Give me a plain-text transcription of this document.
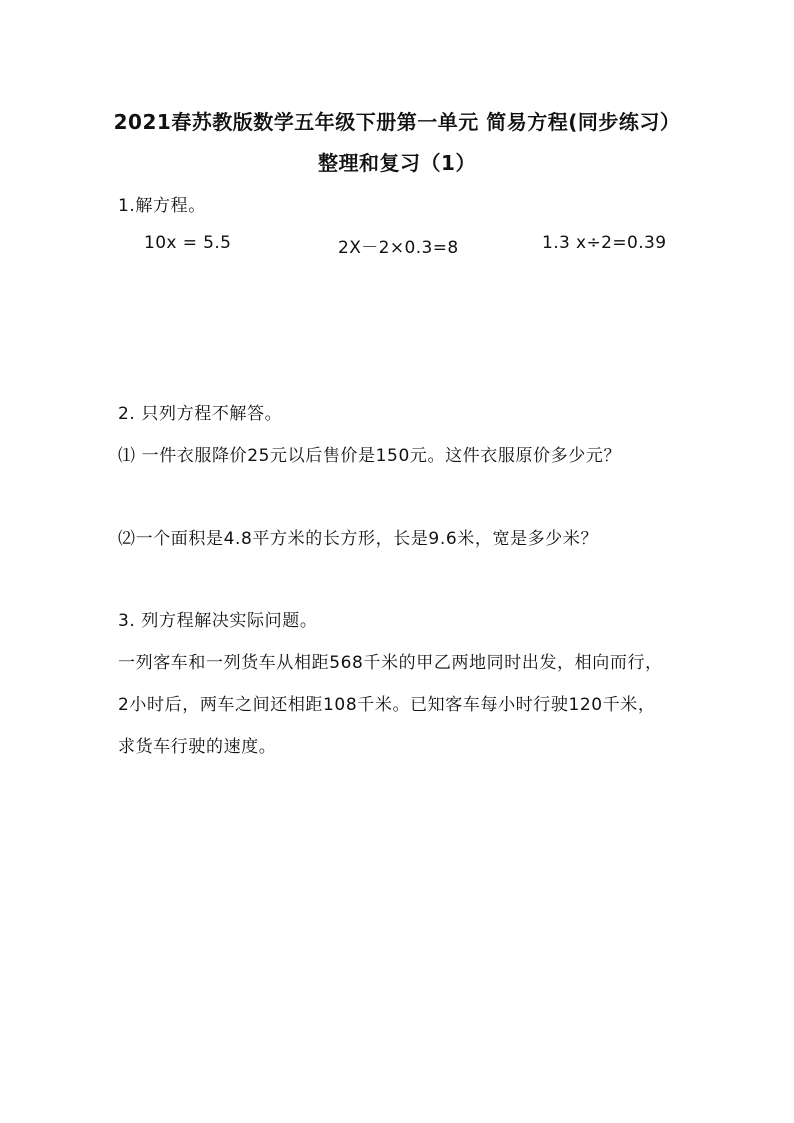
2021春苏教版数学五年级下册第一单元 简易方程(同步练习）
整理和复习（1）
1.解方程。
10x = 5.5	2X－2×0.3=8	1.3 x÷2=0.39
2. 只列方程不解答。
⑴ 一件衣服降价25元以后售价是150元。这件衣服原价多少元？
⑵一个面积是4.8平方米的长方形，长是9.6米，宽是多少米？
3. 列方程解决实际问题。
一列客车和一列货车从相距568千米的甲乙两地同时出发，相向而行，
2小时后，两车之间还相距108千米。已知客车每小时行驶120千米，
求货车行驶的速度。
